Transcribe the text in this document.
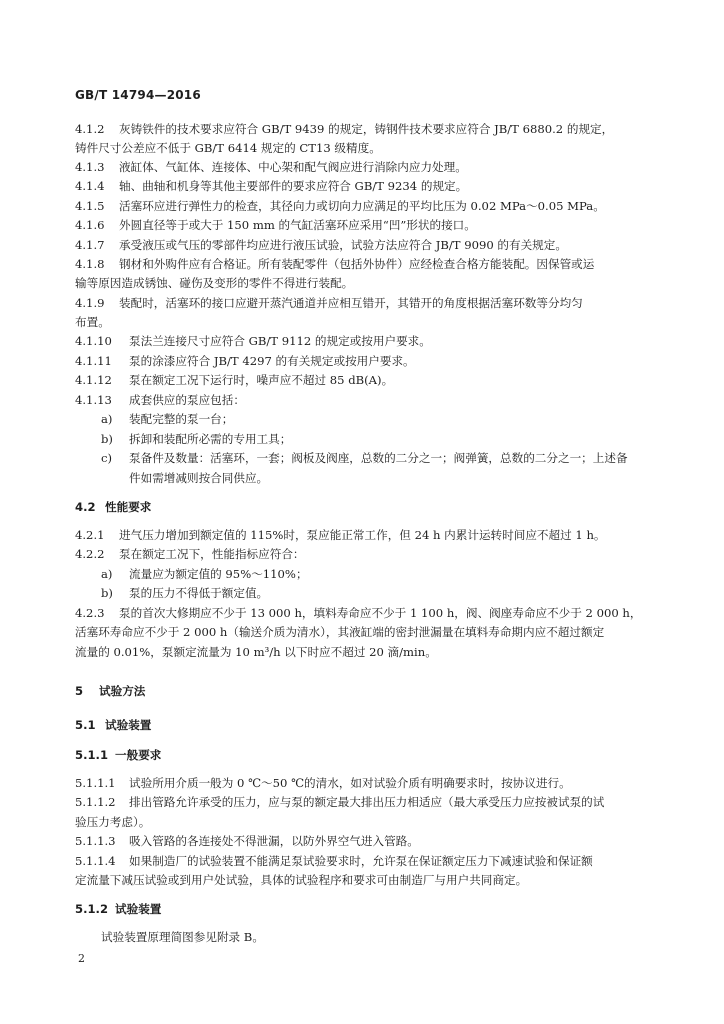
GB/T 14794—2016
4.1.2 灰铸铁件的技术要求应符合 GB/T 9439 的规定，铸钢件技术要求应符合 JB/T 6880.2 的规定，
铸件尺寸公差应不低于 GB/T 6414 规定的 CT13 级精度。
4.1.3 液缸体、气缸体、连接体、中心架和配气阀应进行消除内应力处理。
4.1.4 轴、曲轴和机身等其他主要部件的要求应符合 GB/T 9234 的规定。
4.1.5 活塞环应进行弹性力的检查，其径向力或切向力应满足的平均比压为 0.02 MPa～0.05 MPa。
4.1.6 外圆直径等于或大于 150 mm 的气缸活塞环应采用“凹”形状的接口。
4.1.7 承受液压或气压的零部件均应进行液压试验，试验方法应符合 JB/T 9090 的有关规定。
4.1.8 钢材和外购件应有合格证。所有装配零件（包括外协件）应经检查合格方能装配。因保管或运
输等原因造成锈蚀、碰伤及变形的零件不得进行装配。
4.1.9 装配时，活塞环的接口应避开蒸汽通道并应相互错开，其错开的角度根据活塞环数等分均匀
布置。
4.1.10 泵法兰连接尺寸应符合 GB/T 9112 的规定或按用户要求。
4.1.11 泵的涂漆应符合 JB/T 4297 的有关规定或按用户要求。
4.1.12 泵在额定工况下运行时，噪声应不超过 85 dB(A)。
4.1.13 成套供应的泵应包括：
a) 装配完整的泵一台；
b) 拆卸和装配所必需的专用工具；
c) 泵备件及数量：活塞环，一套；阀板及阀座，总数的二分之一；阀弹簧，总数的二分之一；上述备
件如需增减则按合同供应。
4.2 性能要求
4.2.1 进气压力增加到额定值的 115%时，泵应能正常工作，但 24 h 内累计运转时间应不超过 1 h。
4.2.2 泵在额定工况下，性能指标应符合：
a) 流量应为额定值的 95%～110%；
b) 泵的压力不得低于额定值。
4.2.3 泵的首次大修期应不少于 13 000 h，填料寿命应不少于 1 100 h，阀、阀座寿命应不少于 2 000 h，
活塞环寿命应不少于 2 000 h（输送介质为清水），其液缸端的密封泄漏量在填料寿命期内应不超过额定
流量的 0.01%，泵额定流量为 10 m³/h 以下时应不超过 20 滴/min。
5 试验方法
5.1 试验装置
5.1.1 一般要求
5.1.1.1 试验所用介质一般为 0 ℃～50 ℃的清水，如对试验介质有明确要求时，按协议进行。
5.1.1.2 排出管路允许承受的压力，应与泵的额定最大排出压力相适应（最大承受压力应按被试泵的试
验压力考虑）。
5.1.1.3 吸入管路的各连接处不得泄漏，以防外界空气进入管路。
5.1.1.4 如果制造厂的试验装置不能满足泵试验要求时，允许泵在保证额定压力下减速试验和保证额
定流量下减压试验或到用户处试验，具体的试验程序和要求可由制造厂与用户共同商定。
5.1.2 试验装置
试验装置原理简图参见附录 B。
2
